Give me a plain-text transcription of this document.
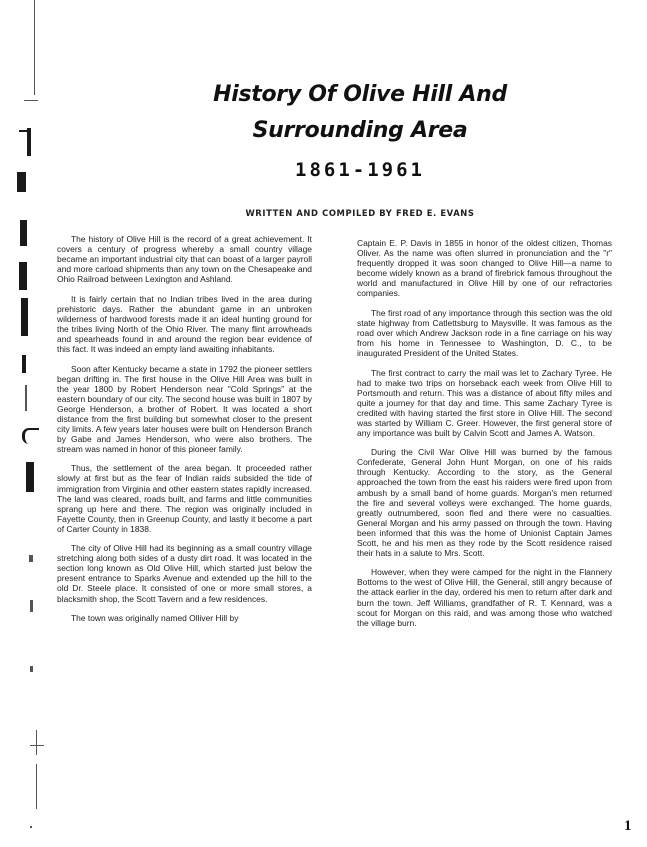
History Of Olive Hill And
Surrounding Area
1861-1961
WRITTEN AND COMPILED BY FRED E. EVANS

The history of Olive Hill is the record of a great achievement. It covers a century of progress whereby a small country village became an important industrial city that can boast of a larger payroll and more carload shipments than any town on the Chesapeake and Ohio Railroad between Lexington and Ashland.

It is fairly certain that no Indian tribes lived in the area during prehistoric days. Rather the abundant game in an unbroken wilderness of hardwood forests made it an ideal hunting ground for the tribes living North of the Ohio River. The many flint arrowheads and spearheads found in and around the region bear evidence of this fact. It was indeed an empty land awaiting inhabitants.

Soon after Kentucky became a state in 1792 the pioneer settlers began drifting in. The first house in the Olive Hill Area was built in the year 1800 by Robert Henderson near "Cold Springs" at the eastern boundary of our city. The second house was built in 1807 by George Henderson, a brother of Robert. It was located a short distance from the first building but somewhat closer to the present city limits. A few years later houses were built on Henderson Branch by Gabe and James Henderson, who were also brothers. The stream was named in honor of this pioneer family.

Thus, the settlement of the area began. It proceeded rather slowly at first but as the fear of Indian raids subsided the tide of immigration from Virginia and other eastern states rapidly increased. The land was cleared, roads built, and farms and little communities sprang up here and there. The region was originally included in Fayette County, then in Greenup County, and lastly it become a part of Carter County in 1838.

The city of Olive Hill had its beginning as a small country village stretching along both sides of a dusty dirt road. It was located in the section long known as Old Olive Hill, which started just below the present entrance to Sparks Avenue and extended up the hill to the old Dr. Steele place. It consisted of one or more small stores, a blacksmith shop, the Scott Tavern and a few residences.

The town was originally named Olliver Hill by

Captain E. P. Davis in 1855 in honor of the oldest citizen, Thomas Oliver. As the name was often slurred in pronunciation and the "r" frequently dropped it was soon changed to Olive Hill—a name to become widely known as a brand of firebrick famous throughout the world and manufactured in Olive Hill by one of our refractories companies.

The first road of any importance through this section was the old state highway from Catlettsburg to Maysville. It was famous as the road over which Andrew Jackson rode in a fine carriage on his way from his home in Tennessee to Washington, D. C., to be inaugurated President of the United States.

The first contract to carry the mail was let to Zachary Tyree. He had to make two trips on horseback each week from Olive Hill to Portsmouth and return. This was a distance of about fifty miles and quite a journey for that day and time. This same Zachary Tyree is credited with having started the first store in Olive Hill. The second was started by William C. Greer. However, the first general store of any importance was built by Calvin Scott and James A. Watson.

During the Civil War Olive Hill was burned by the famous Confederate, General John Hunt Morgan, on one of his raids through Kentucky. According to the story, as the General approached the town from the east his raiders were fired upon from ambush by a small band of home guards. Morgan's men returned the fire and several volleys were exchanged. The home guards, greatly outnumbered, soon fled and there were no casualties. General Morgan and his army passed on through the town. Having been informed that this was the home of Unionist Captain James Scott, he and his men as they rode by the Scott residence raised their hats in a salute to Mrs. Scott.

However, when they were camped for the night in the Flannery Bottoms to the west of Olive Hill, the General, still angry because of the attack earlier in the day, ordered his men to return after dark and burn the town. Jeff Williams, grandfather of R. T. Kennard, was a scout for Morgan on this raid, and was among those who watched the village burn.

1
